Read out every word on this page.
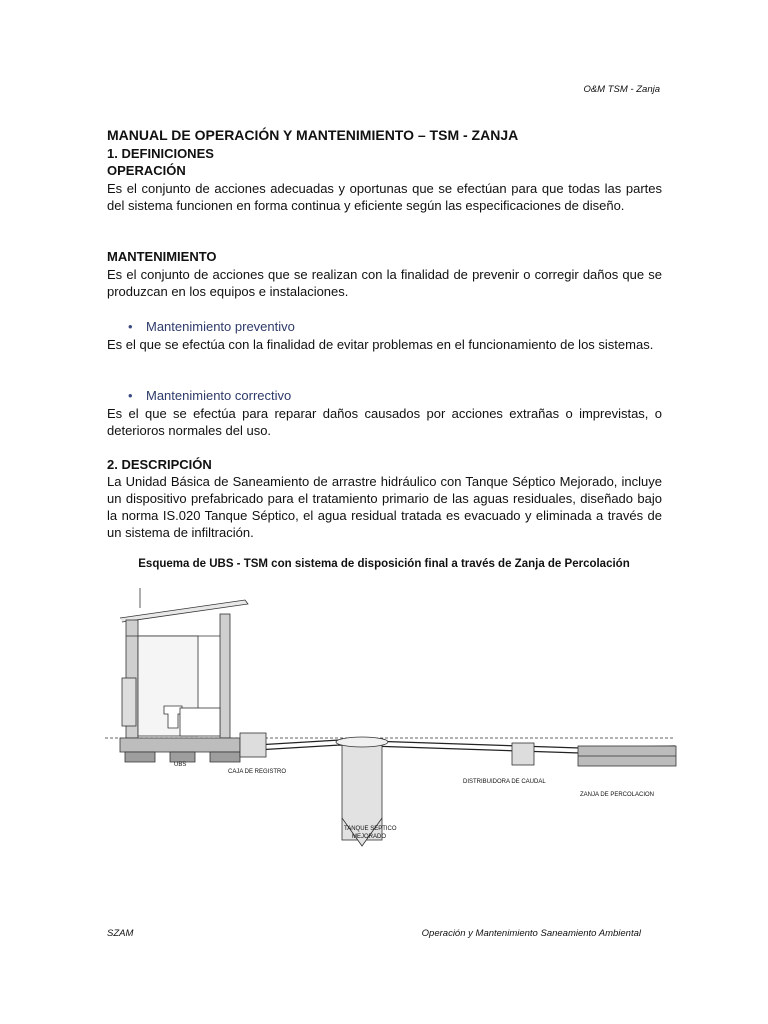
O&M TSM - Zanja
MANUAL DE OPERACIÓN Y MANTENIMIENTO – TSM - ZANJA
1. DEFINICIONES
OPERACIÓN
Es el conjunto de acciones adecuadas y oportunas que se efectúan para que todas las partes del sistema funcionen en forma continua y eficiente según las especificaciones de diseño.
MANTENIMIENTO
Es el conjunto de acciones que se realizan con la finalidad de prevenir o corregir daños que se produzcan en los equipos e instalaciones.
• Mantenimiento preventivo
Es el que se efectúa con la finalidad de evitar problemas en el funcionamiento de los sistemas.
• Mantenimiento correctivo
Es el que se efectúa para reparar daños causados por acciones extrañas o imprevistas, o deterioros normales del uso.
2. DESCRIPCIÓN
La Unidad Básica de Saneamiento de arrastre hidráulico con Tanque Séptico Mejorado, incluye un dispositivo prefabricado para el tratamiento primario de las aguas residuales, diseñado bajo la norma IS.020 Tanque Séptico, el agua residual tratada es evacuado y eliminada a través de un sistema de infiltración.
Esquema de UBS - TSM con sistema de disposición final a través de Zanja de Percolación
UBS
CAJA DE REGISTRO
TANQUE SEPTICO
MEJORADO
DISTRIBUIDORA DE CAUDAL
ZANJA DE PERCOLACION
SZAM	Operación y Mantenimiento Saneamiento Ambiental
